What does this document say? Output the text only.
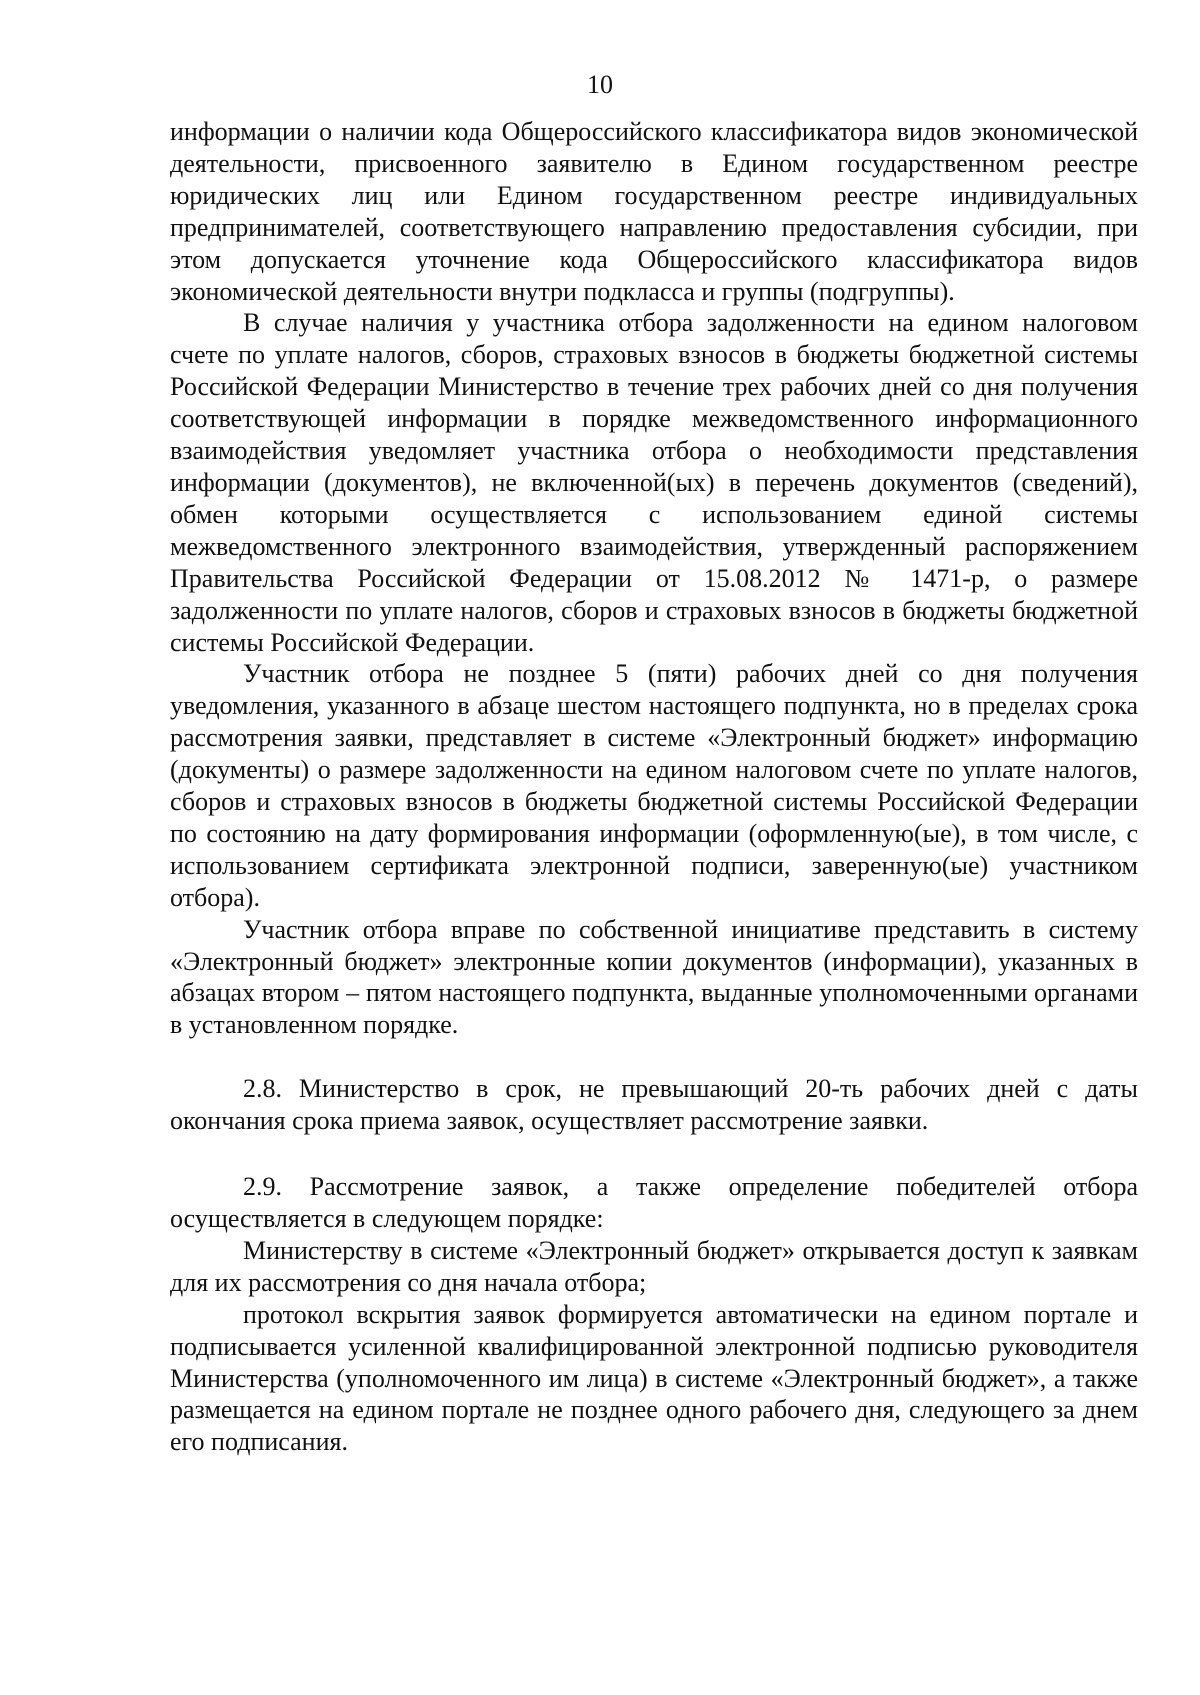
10

информации о наличии кода Общероссийского классификатора видов экономической деятельности, присвоенного заявителю в Едином государственном реестре юридических лиц или Едином государственном реестре индивидуальных предпринимателей, соответствующего направлению предоставления субсидии, при этом допускается уточнение кода Общероссийского классификатора видов экономической деятельности внутри подкласса и группы (подгруппы).

В случае наличия у участника отбора задолженности на едином налоговом счете по уплате налогов, сборов, страховых взносов в бюджеты бюджетной системы Российской Федерации Министерство в течение трех рабочих дней со дня получения соответствующей информации в порядке межведомственного информационного взаимодействия уведомляет участника отбора о необходимости представления информации (документов), не включенной(ых) в перечень документов (сведений), обмен которыми осуществляется с использованием единой системы межведомственного электронного взаимодействия, утвержденный распоряжением Правительства Российской Федерации от 15.08.2012 № 1471-р, о размере задолженности по уплате налогов, сборов и страховых взносов в бюджеты бюджетной системы Российской Федерации.

Участник отбора не позднее 5 (пяти) рабочих дней со дня получения уведомления, указанного в абзаце шестом настоящего подпункта, но в пределах срока рассмотрения заявки, представляет в системе «Электронный бюджет» информацию (документы) о размере задолженности на едином налоговом счете по уплате налогов, сборов и страховых взносов в бюджеты бюджетной системы Российской Федерации по состоянию на дату формирования информации (оформленную(ые), в том числе, с использованием сертификата электронной подписи, заверенную(ые) участником отбора).

Участник отбора вправе по собственной инициативе представить в систему «Электронный бюджет» электронные копии документов (информации), указанных в абзацах втором – пятом настоящего подпункта, выданные уполномоченными органами в установленном порядке.

2.8. Министерство в срок, не превышающий 20-ть рабочих дней с даты окончания срока приема заявок, осуществляет рассмотрение заявки.

2.9. Рассмотрение заявок, а также определение победителей отбора осуществляется в следующем порядке:

Министерству в системе «Электронный бюджет» открывается доступ к заявкам для их рассмотрения со дня начала отбора;

протокол вскрытия заявок формируется автоматически на едином портале и подписывается усиленной квалифицированной электронной подписью руководителя Министерства (уполномоченного им лица) в системе «Электронный бюджет», а также размещается на едином портале не позднее одного рабочего дня, следующего за днем его подписания.
